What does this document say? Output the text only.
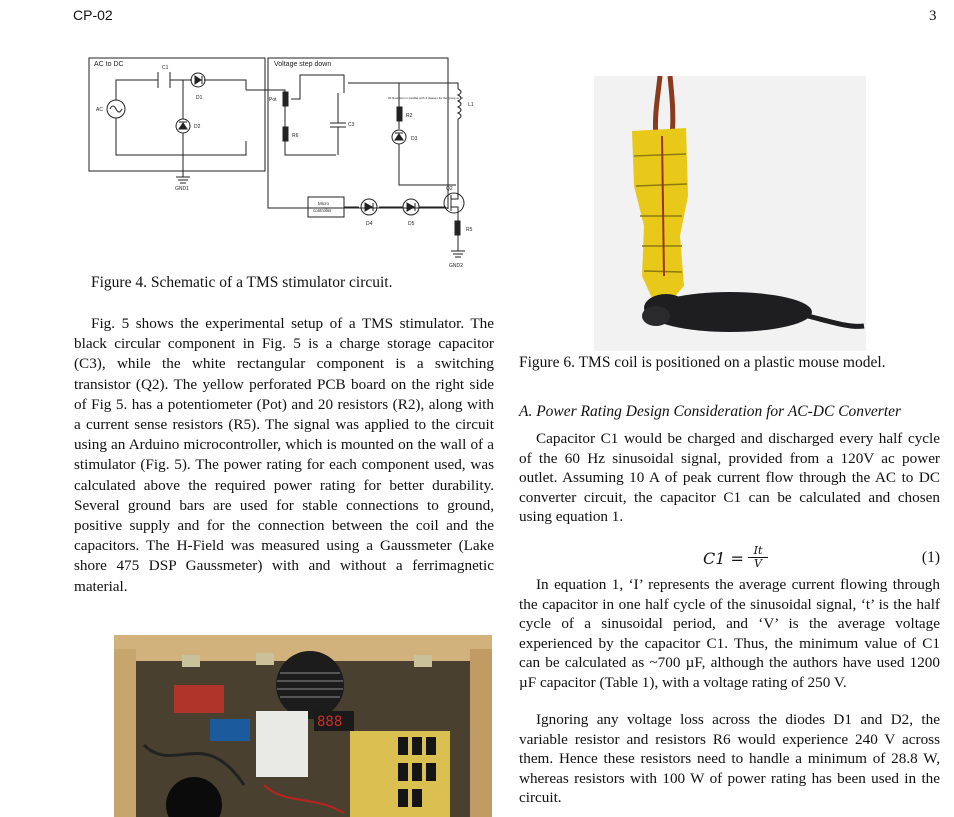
CP-02	3
AC to DC	Voltage step down
C1
D1
D2
AC
GND1
Pot
R6
C3
20 Resistors in parallel with 4 classes for the group of 10
R2
D3
L1
Q2
Micro
controller
D4	D5
R5
GND2
Figure 4. Schematic of a TMS stimulator circuit.

Fig. 5 shows the experimental setup of a TMS stimulator. The black circular component in Fig. 5 is a charge storage capacitor (C3), while the white rectangular component is a switching transistor (Q2). The yellow perforated PCB board on the right side of Fig 5. has a potentiometer (Pot) and 20 resistors (R2), along with a current sense resistors (R5). The signal was applied to the circuit using an Arduino microcontroller, which is mounted on the wall of a stimulator (Fig. 5). The power rating for each component used, was calculated above the required power rating for better durability. Several ground bars are used for stable connections to ground, positive supply and for the connection between the coil and the capacitors. The H-Field was measured using a Gaussmeter (Lake shore 475 DSP Gaussmeter) with and without a ferrimagnetic material.

888
Figure 6. TMS coil is positioned on a plastic mouse model.
A. Power Rating Design Consideration for AC-DC Converter

Capacitor C1 would be charged and discharged every half cycle of the 60 Hz sinusoidal signal, provided from a 120V ac power outlet. Assuming 10 A of peak current flow through the AC to DC converter circuit, the capacitor C1 can be calculated and chosen using equation 1.

$C1 = \frac{It}{V}$	(1)

In equation 1, ‘I’ represents the average current flowing through the capacitor in one half cycle of the sinusoidal signal, ‘t’ is the half cycle of a sinusoidal period, and ‘V’ is the average voltage experienced by the capacitor C1. Thus, the minimum value of C1 can be calculated as ~700 µF, although the authors have used 1200 µF capacitor (Table 1), with a voltage rating of 250 V.

Ignoring any voltage loss across the diodes D1 and D2, the variable resistor and resistors R6 would experience 240 V across them. Hence these resistors need to handle a minimum of 28.8 W, whereas resistors with 100 W of power rating has been used in the circuit.
